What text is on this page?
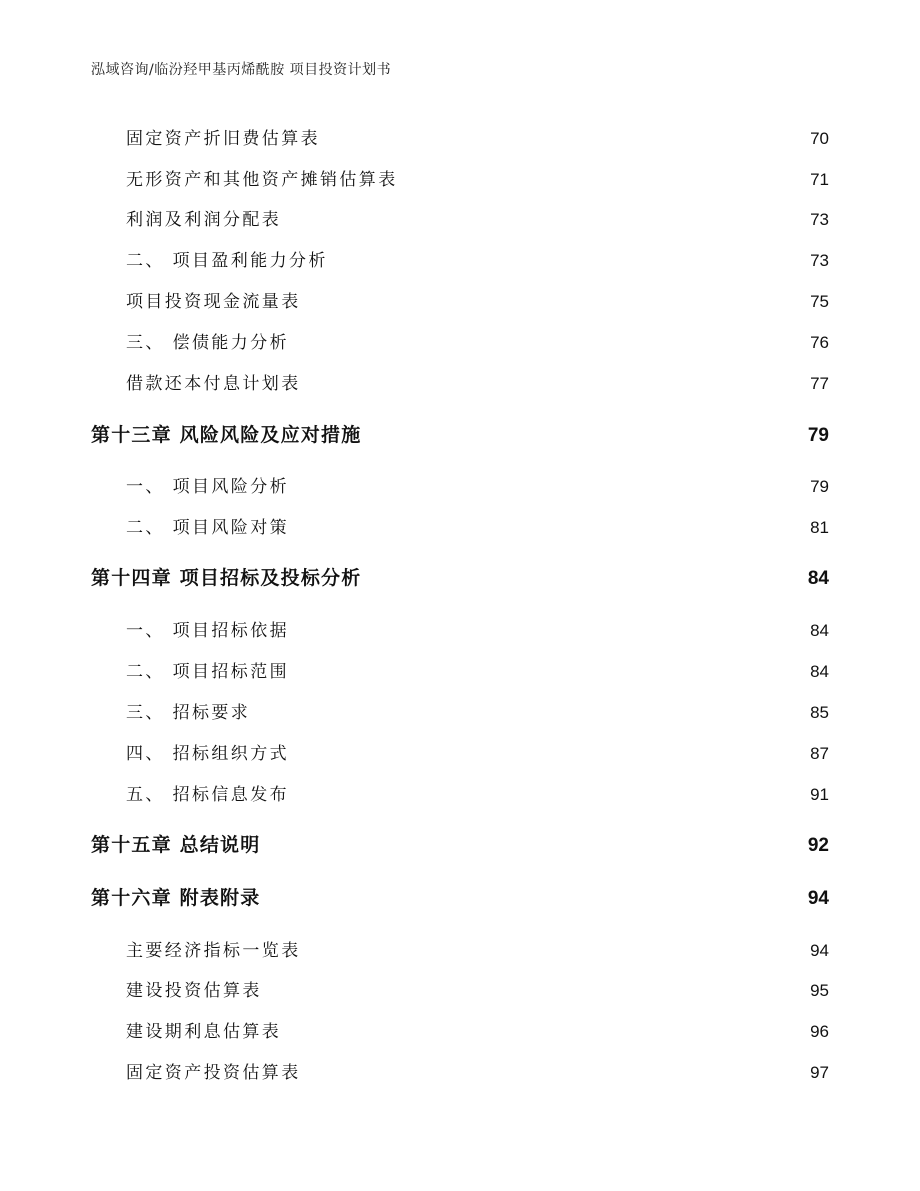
泓域咨询/临汾羟甲基丙烯酰胺 项目投资计划书
固定资产折旧费估算表	70
无形资产和其他资产摊销估算表	71
利润及利润分配表	73
二、 项目盈利能力分析	73
项目投资现金流量表	75
三、 偿债能力分析	76
借款还本付息计划表	77
第十三章 风险风险及应对措施	79
一、 项目风险分析	79
二、 项目风险对策	81
第十四章 项目招标及投标分析	84
一、 项目招标依据	84
二、 项目招标范围	84
三、 招标要求	85
四、 招标组织方式	87
五、 招标信息发布	91
第十五章 总结说明	92
第十六章 附表附录	94
主要经济指标一览表	94
建设投资估算表	95
建设期利息估算表	96
固定资产投资估算表	97
